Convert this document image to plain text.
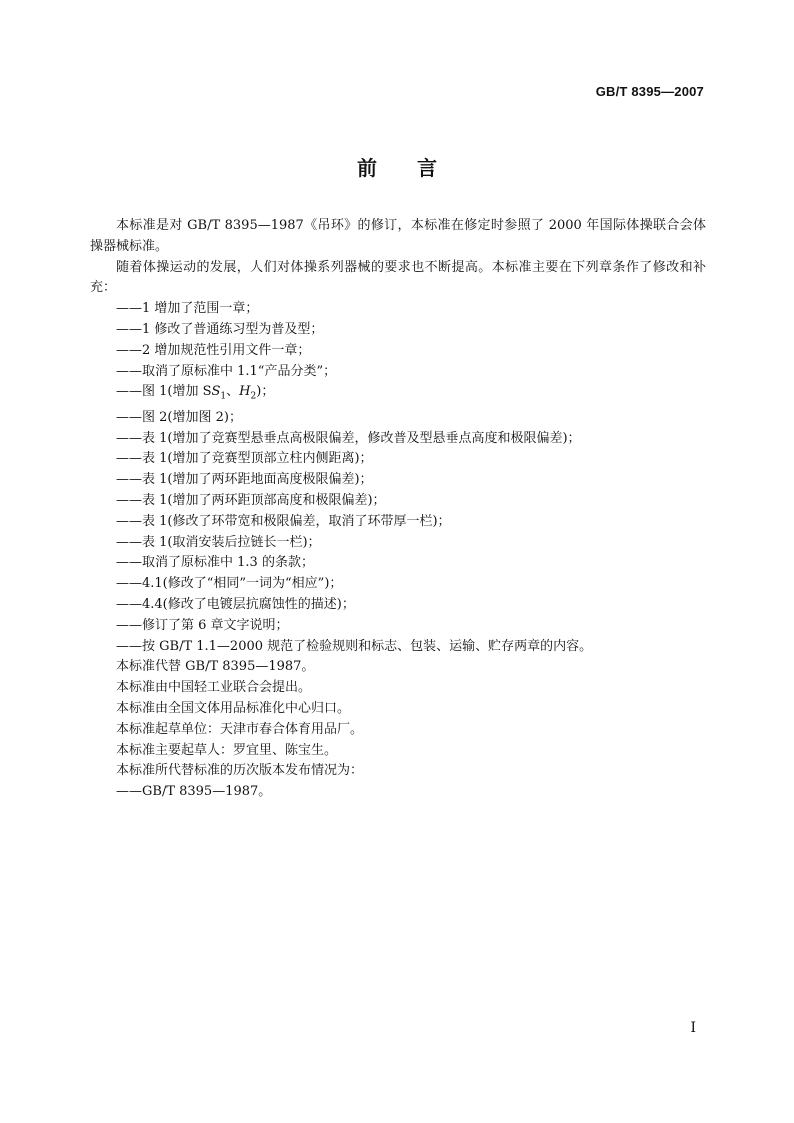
GB/T 8395—2007
前言

本标准是对 GB/T 8395—1987《吊环》的修订，本标准在修定时参照了 2000 年国际体操联合会体操器械标准。

随着体操运动的发展，人们对体操系列器械的要求也不断提高。本标准主要在下列章条作了修改和补充：

——1 增加了范围一章；

——1 修改了普通练习型为普及型；

——2 增加规范性引用文件一章；

——取消了原标准中 1.1“产品分类”；

——图 1(增加 $SS_1$、$H_2$)；

——图 2(增加图 2)；

——表 1(增加了竞赛型悬垂点高极限偏差，修改普及型悬垂点高度和极限偏差)；

——表 1(增加了竞赛型顶部立柱内侧距离)；

——表 1(增加了两环距地面高度极限偏差)；

——表 1(增加了两环距顶部高度和极限偏差)；

——表 1(修改了环带宽和极限偏差，取消了环带厚一栏)；

——表 1(取消安装后拉链长一栏)；

——取消了原标准中 1.3 的条款；

——4.1(修改了“相同”一词为“相应”)；

——4.4(修改了电镀层抗腐蚀性的描述)；

——修订了第 6 章文字说明；

——按 GB/T 1.1—2000 规范了检验规则和标志、包装、运输、贮存两章的内容。

本标准代替 GB/T 8395—1987。

本标准由中国轻工业联合会提出。

本标准由全国文体用品标准化中心归口。

本标准起草单位：天津市春合体育用品厂。

本标准主要起草人：罗宜里、陈宝生。

本标准所代替标准的历次版本发布情况为：

——GB/T 8395—1987。

I
